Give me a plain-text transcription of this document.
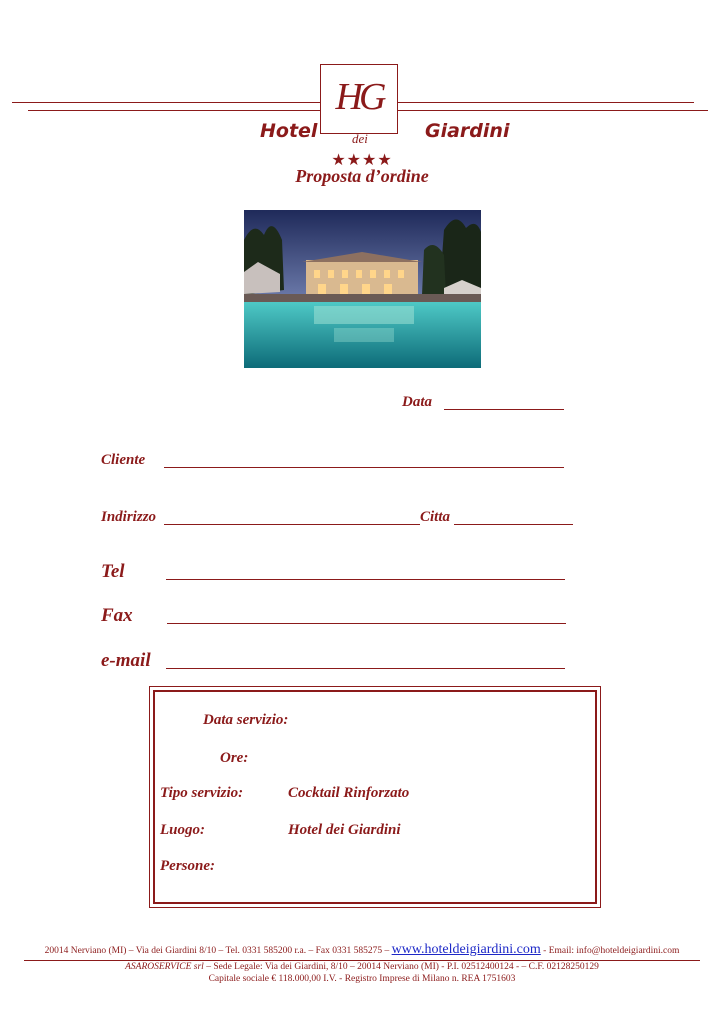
HG
Hotel	dei	Giardini
★★★★
Proposta d’ordine
Data
Cliente
Indirizzo	Citta
Tel
Fax
e-mail
Data servizio:
Ore:
Tipo servizio:	Cocktail Rinforzato
Luogo:	Hotel dei Giardini
Persone:
20014 Nerviano (MI) – Via dei Giardini 8/10 – Tel. 0331 585200 r.a. – Fax 0331 585275 – www.hoteldeigiardini.com - Email: info@hoteldeigiardini.com
ASAROSERVICE srl – Sede Legale: Via dei Giardini, 8/10 – 20014 Nerviano (MI) - P.I. 02512400124 - – C.F. 02128250129
Capitale sociale € 118.000,00 I.V. - Registro Imprese di Milano n. REA 1751603
